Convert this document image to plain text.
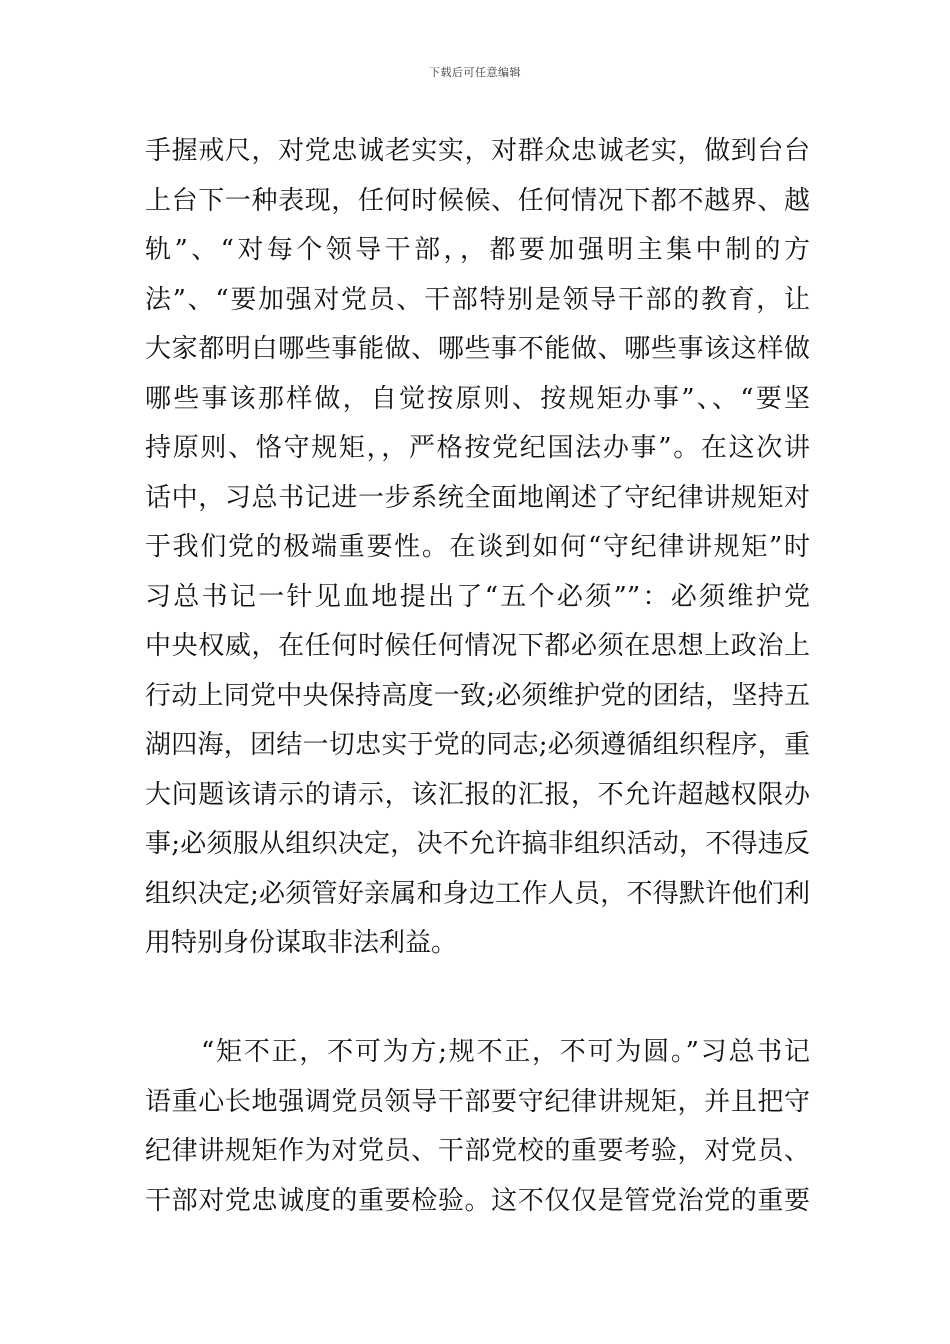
下载后可任意编辑
手握戒尺，对党忠诚老实实，对群众忠诚老实，做到台台
上台下一种表现，任何时候候、任何情况下都不越界、越
轨”、“对每个领导干部，，都要加强明主集中制的方
法”、“要加强对党员、干部特别是领导干部的教育，让
大家都明白哪些事能做、哪些事不能做、哪些事该这样做
哪些事该那样做，自觉按原则、按规矩办事”、、“要坚
持原则、恪守规矩，，严格按党纪国法办事”。在这次讲
话中，习总书记进一步系统全面地阐述了守纪律讲规矩对
于我们党的极端重要性。在谈到如何“守纪律讲规矩”时
习总书记一针见血地提出了“五个必须””：必须维护党
中央权威，在任何时候任何情况下都必须在思想上政治上
行动上同党中央保持高度一致;必须维护党的团结，坚持五
湖四海，团结一切忠实于党的同志;必须遵循组织程序，重
大问题该请示的请示，该汇报的汇报，不允许超越权限办
事;必须服从组织决定，决不允许搞非组织活动，不得违反
组织决定;必须管好亲属和身边工作人员，不得默许他们利
用特别身份谋取非法利益。
“矩不正，不可为方;规不正，不可为圆。”习总书记
语重心长地强调党员领导干部要守纪律讲规矩，并且把守
纪律讲规矩作为对党员、干部党校的重要考验，对党员、
干部对党忠诚度的重要检验。这不仅仅是管党治党的重要
